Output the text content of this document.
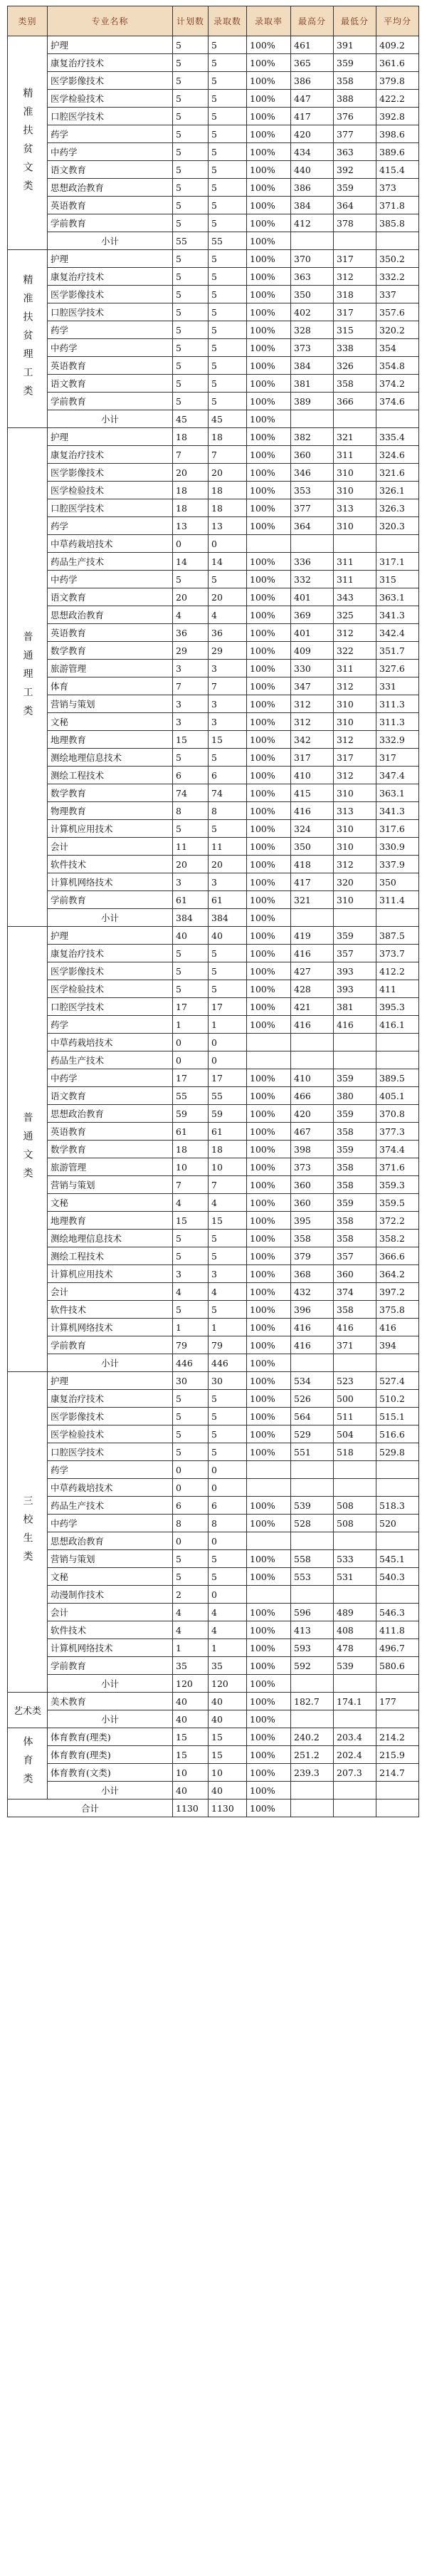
类别	专业名称	计划数	录取数	录取率	最高分	最低分	平均分
精准扶贫文类	护理	5	5	100%	461	391	409.2
	康复治疗技术	5	5	100%	365	359	361.6
	医学影像技术	5	5	100%	386	358	379.8
	医学检验技术	5	5	100%	447	388	422.2
	口腔医学技术	5	5	100%	417	376	392.8
	药学	5	5	100%	420	377	398.6
	中药学	5	5	100%	434	363	389.6
	语文教育	5	5	100%	440	392	415.4
	思想政治教育	5	5	100%	386	359	373
	英语教育	5	5	100%	384	364	371.8
	学前教育	5	5	100%	412	378	385.8
	小计	55	55	100%			
精准扶贫理工类	护理	5	5	100%	370	317	350.2
	康复治疗技术	5	5	100%	363	312	332.2
	医学影像技术	5	5	100%	350	318	337
	口腔医学技术	5	5	100%	402	317	357.6
	药学	5	5	100%	328	315	320.2
	中药学	5	5	100%	373	338	354
	英语教育	5	5	100%	384	326	354.8
	语文教育	5	5	100%	381	358	374.2
	学前教育	5	5	100%	389	366	374.6
	小计	45	45	100%			
普通理工类	护理	18	18	100%	382	321	335.4
	康复治疗技术	7	7	100%	360	311	324.6
	医学影像技术	20	20	100%	346	310	321.6
	医学检验技术	18	18	100%	353	310	326.1
	口腔医学技术	18	18	100%	377	313	326.3
	药学	13	13	100%	364	310	320.3
	中草药栽培技术	0	0				
	药品生产技术	14	14	100%	336	311	317.1
	中药学	5	5	100%	332	311	315
	语文教育	20	20	100%	401	343	363.1
	思想政治教育	4	4	100%	369	325	341.3
	英语教育	36	36	100%	401	312	342.4
	数学教育	29	29	100%	409	322	351.7
	旅游管理	3	3	100%	330	311	327.6
	体育	7	7	100%	347	312	331
	营销与策划	3	3	100%	312	310	311.3
	文秘	3	3	100%	312	310	311.3
	地理教育	15	15	100%	342	312	332.9
	测绘地理信息技术	5	5	100%	317	317	317
	测绘工程技术	6	6	100%	410	312	347.4
	数学教育	74	74	100%	415	310	363.1
	物理教育	8	8	100%	416	313	341.3
	计算机应用技术	5	5	100%	324	310	317.6
	会计	11	11	100%	350	310	330.9
	软件技术	20	20	100%	418	312	337.9
	计算机网络技术	3	3	100%	417	320	350
	学前教育	61	61	100%	321	310	311.4
	小计	384	384	100%			
普通文类	护理	40	40	100%	419	359	387.5
	康复治疗技术	5	5	100%	416	357	373.7
	医学影像技术	5	5	100%	427	393	412.2
	医学检验技术	5	5	100%	428	393	411
	口腔医学技术	17	17	100%	421	381	395.3
	药学	1	1	100%	416	416	416.1
	中草药栽培技术	0	0				
	药品生产技术	0	0				
	中药学	17	17	100%	410	359	389.5
	语文教育	55	55	100%	466	380	405.1
	思想政治教育	59	59	100%	420	359	370.8
	英语教育	61	61	100%	467	358	377.3
	数学教育	18	18	100%	398	359	374.4
	旅游管理	10	10	100%	373	358	371.6
	营销与策划	7	7	100%	360	358	359.3
	文秘	4	4	100%	360	359	359.5
	地理教育	15	15	100%	395	358	372.2
	测绘地理信息技术	5	5	100%	358	358	358.2
	测绘工程技术	5	5	100%	379	357	366.6
	计算机应用技术	3	3	100%	368	360	364.2
	会计	4	4	100%	432	374	397.2
	软件技术	5	5	100%	396	358	375.8
	计算机网络技术	1	1	100%	416	416	416
	学前教育	79	79	100%	416	371	394
	小计	446	446	100%			
三校生类	护理	30	30	100%	534	523	527.4
	康复治疗技术	5	5	100%	526	500	510.2
	医学影像技术	5	5	100%	564	511	515.1
	医学检验技术	5	5	100%	529	504	516.6
	口腔医学技术	5	5	100%	551	518	529.8
	药学	0	0				
	中草药栽培技术	0	0				
	药品生产技术	6	6	100%	539	508	518.3
	中药学	8	8	100%	528	508	520
	思想政治教育	0	0				
	营销与策划	5	5	100%	558	533	545.1
	文秘	5	5	100%	553	531	540.3
	动漫制作技术	2	0				
	会计	4	4	100%	596	489	546.3
	软件技术	4	4	100%	413	408	411.8
	计算机网络技术	1	1	100%	593	478	496.7
	学前教育	35	35	100%	592	539	580.6
	小计	120	120	100%			
艺术类	美术教育	40	40	100%	182.7	174.1	177
	小计	40	40	100%			
体育类	体育教育(理类)	15	15	100%	240.2	203.4	214.2
	体育教育(理类)	15	15	100%	251.2	202.4	215.9
	体育教育(文类)	10	10	100%	239.3	207.3	214.7
	小计	40	40	100%			
合计		1130	1130	100%			
